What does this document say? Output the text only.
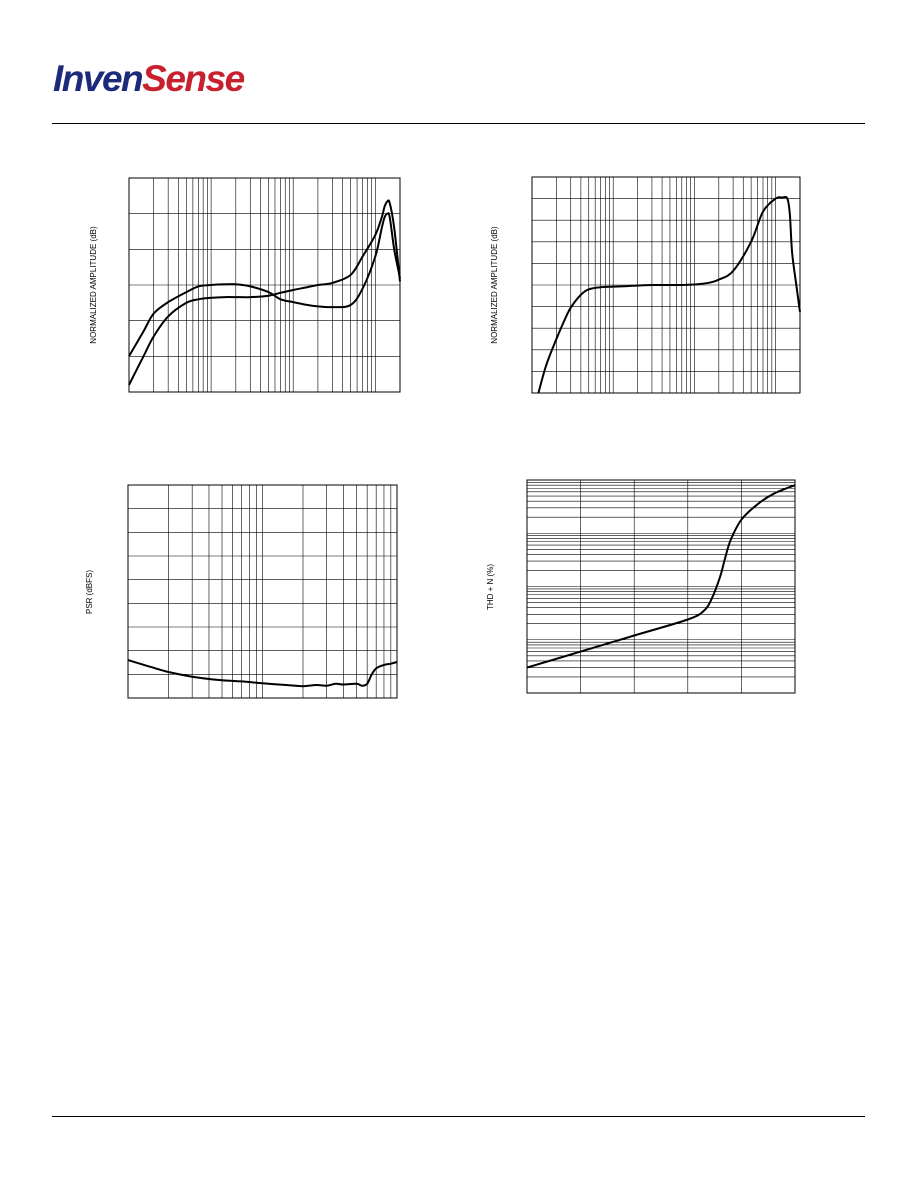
InvenSense
NORMALIZED AMPLITUDE (dB)	NORMALIZED AMPLITUDE (dB)
PSR (dBFS)	THD + N (%)
